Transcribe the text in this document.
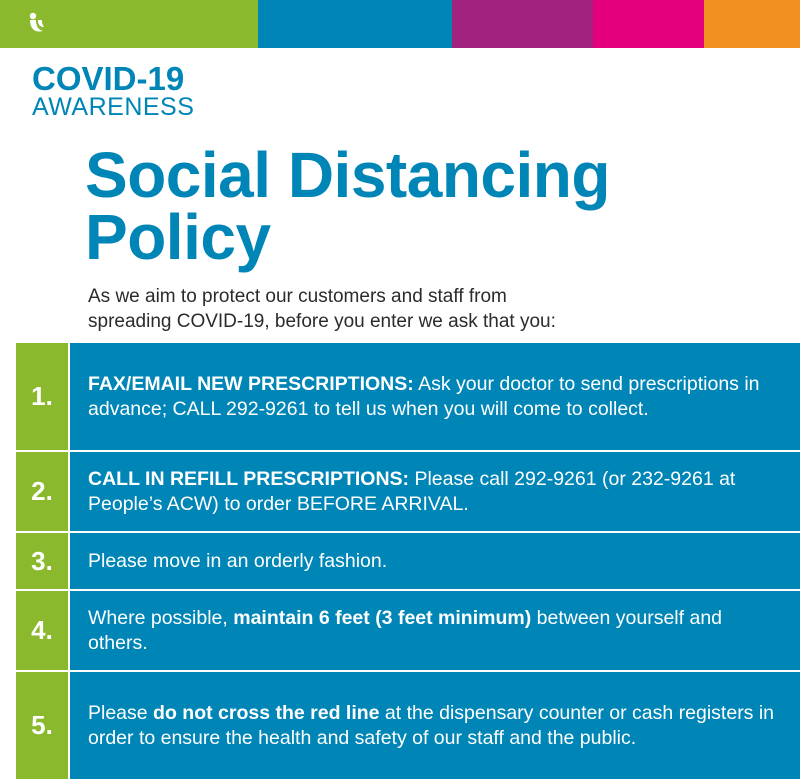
COVID-19
AWARENESS
Social Distancing
Policy
As we aim to protect our customers and staff from
spreading COVID-19, before you enter we ask that you:
1.	FAX/EMAIL NEW PRESCRIPTIONS: Ask your doctor to send prescriptions in advance; CALL 292-9261 to tell us when you will come to collect.
2.	CALL IN REFILL PRESCRIPTIONS: Please call 292-9261 (or 232-9261 at People’s ACW) to order BEFORE ARRIVAL.
3.	Please move in an orderly fashion.
4.	Where possible, maintain 6 feet (3 feet minimum) between yourself and others.
5.	Please do not cross the red line at the dispensary counter or cash registers in order to ensure the health and safety of our staff and the public.
